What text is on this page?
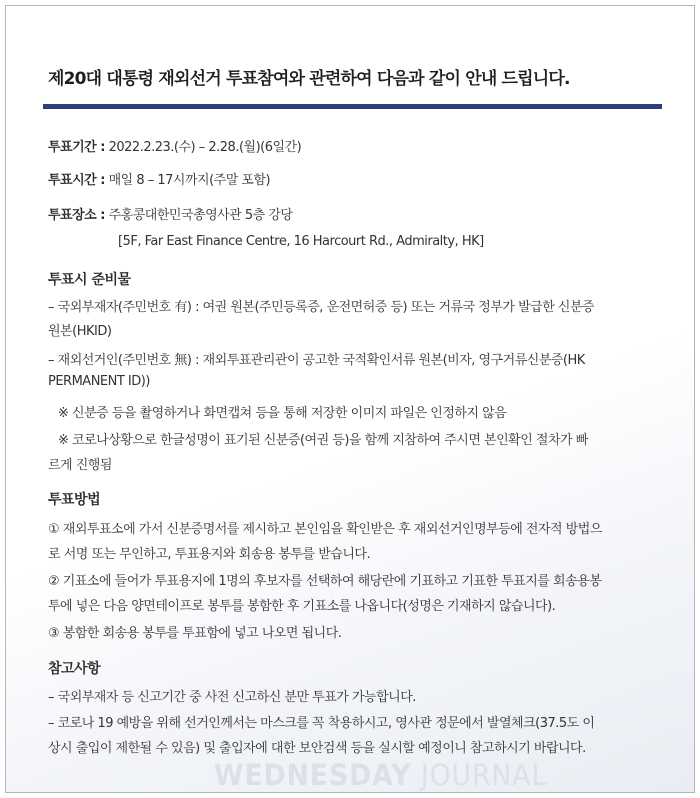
제20대 대통령 재외선거 투표참여와 관련하여 다음과 같이 안내 드립니다.
투표기간 : 2022.2.23.(수) – 2.28.(월)(6일간)
투표시간 : 매일 8 – 17시까지(주말 포함)
투표장소 : 주홍콩대한민국총영사관 5층 강당
[5F, Far East Finance Centre, 16 Harcourt Rd., Admiralty, HK]
투표시 준비물
– 국외부재자(주민번호 有) : 여권 원본(주민등록증, 운전면허증 등) 또는 거류국 정부가 발급한 신분증
원본(HKID)
– 재외선거인(주민번호 無) : 재외투표관리관이 공고한 국적확인서류 원본(비자, 영구거류신분증(HK
PERMANENT ID))
※ 신분증 등을 촬영하거나 화면캡쳐 등을 통해 저장한 이미지 파일은 인정하지 않음
※ 코로나상황으로 한글성명이 표기된 신분증(여권 등)을 함께 지참하여 주시면 본인확인 절차가 빠
르게 진행됨
투표방법
① 재외투표소에 가서 신분증명서를 제시하고 본인임을 확인받은 후 재외선거인명부등에 전자적 방법으
로 서명 또는 무인하고, 투표용지와 회송용 봉투를 받습니다.
② 기표소에 들어가 투표용지에 1명의 후보자를 선택하여 해당란에 기표하고 기표한 투표지를 회송용봉
투에 넣은 다음 양면테이프로 봉투를 봉함한 후 기표소를 나옵니다(성명은 기재하지 않습니다).
③ 봉함한 회송용 봉투를 투표함에 넣고 나오면 됩니다.
참고사항
– 국외부재자 등 신고기간 중 사전 신고하신 분만 투표가 가능합니다.
– 코로나 19 예방을 위해 선거인께서는 마스크를 꼭 착용하시고, 영사관 정문에서 발열체크(37.5도 이
상시 출입이 제한될 수 있음) 및 출입자에 대한 보안검색 등을 실시할 예정이니 참고하시기 바랍니다.
WEDNESDAY JOURNAL
